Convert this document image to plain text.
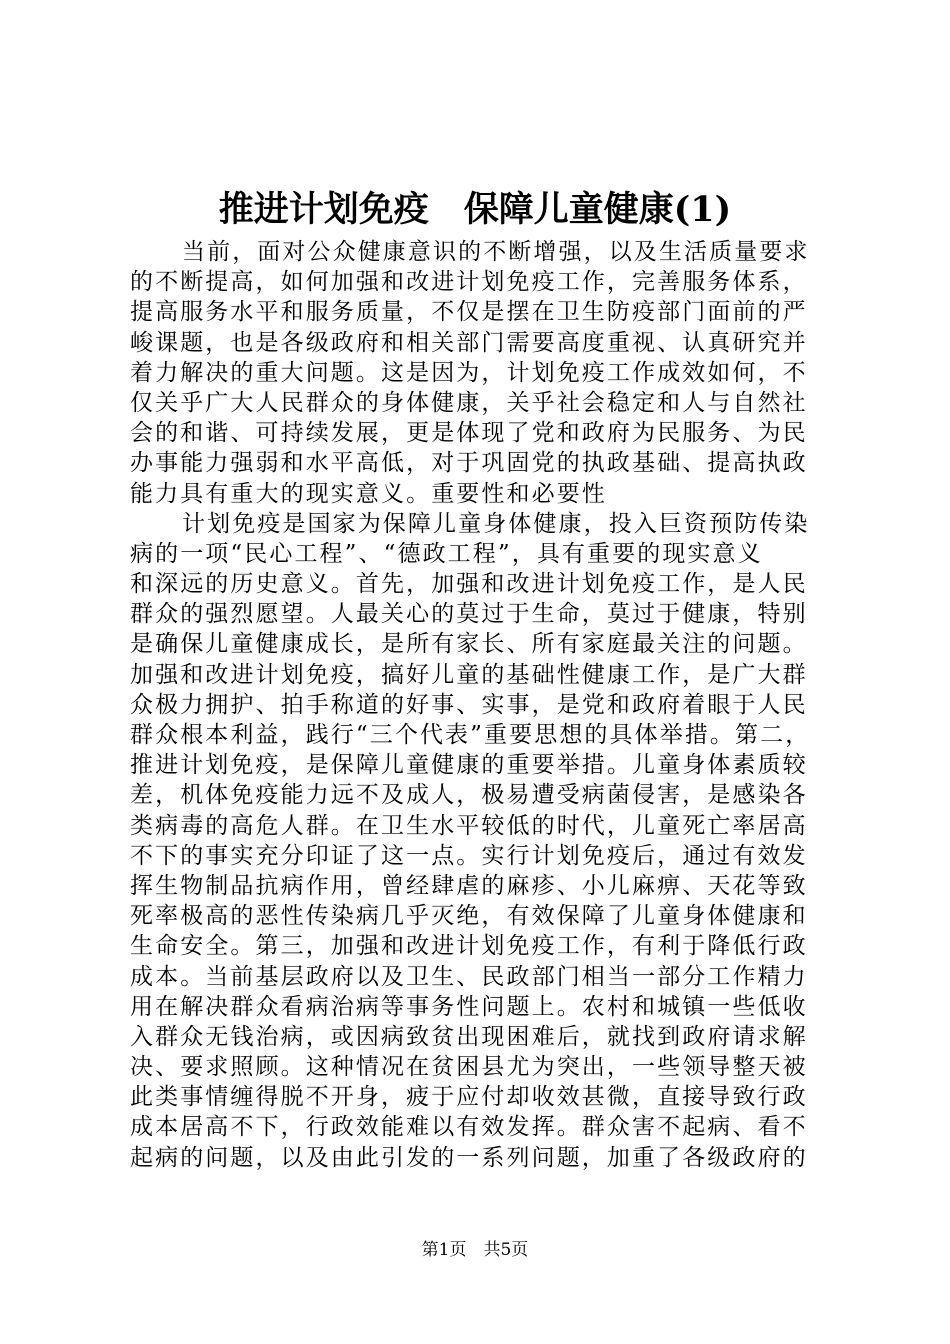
推进计划免疫　保障儿童健康(1)
当前，面对公众健康意识的不断增强，以及生活质量要求
的不断提高，如何加强和改进计划免疫工作，完善服务体系，
提高服务水平和服务质量，不仅是摆在卫生防疫部门面前的严
峻课题，也是各级政府和相关部门需要高度重视、认真研究并
着力解决的重大问题。这是因为，计划免疫工作成效如何，不
仅关乎广大人民群众的身体健康，关乎社会稳定和人与自然社
会的和谐、可持续发展，更是体现了党和政府为民服务、为民
办事能力强弱和水平高低，对于巩固党的执政基础、提高执政
能力具有重大的现实意义。重要性和必要性
计划免疫是国家为保障儿童身体健康，投入巨资预防传染
病的一项“民心工程”、“德政工程”，具有重要的现实意义
和深远的历史意义。首先，加强和改进计划免疫工作，是人民
群众的强烈愿望。人最关心的莫过于生命，莫过于健康，特别
是确保儿童健康成长，是所有家长、所有家庭最关注的问题。
加强和改进计划免疫，搞好儿童的基础性健康工作，是广大群
众极力拥护、拍手称道的好事、实事，是党和政府着眼于人民
群众根本利益，践行“三个代表”重要思想的具体举措。第二，
推进计划免疫，是保障儿童健康的重要举措。儿童身体素质较
差，机体免疫能力远不及成人，极易遭受病菌侵害，是感染各
类病毒的高危人群。在卫生水平较低的时代，儿童死亡率居高
不下的事实充分印证了这一点。实行计划免疫后，通过有效发
挥生物制品抗病作用，曾经肆虐的麻疹、小儿麻痹、天花等致
死率极高的恶性传染病几乎灭绝，有效保障了儿童身体健康和
生命安全。第三，加强和改进计划免疫工作，有利于降低行政
成本。当前基层政府以及卫生、民政部门相当一部分工作精力
用在解决群众看病治病等事务性问题上。农村和城镇一些低收
入群众无钱治病，或因病致贫出现困难后，就找到政府请求解
决、要求照顾。这种情况在贫困县尤为突出，一些领导整天被
此类事情缠得脱不开身，疲于应付却收效甚微，直接导致行政
成本居高不下，行政效能难以有效发挥。群众害不起病、看不
起病的问题，以及由此引发的一系列问题，加重了各级政府的
第1页　共5页
